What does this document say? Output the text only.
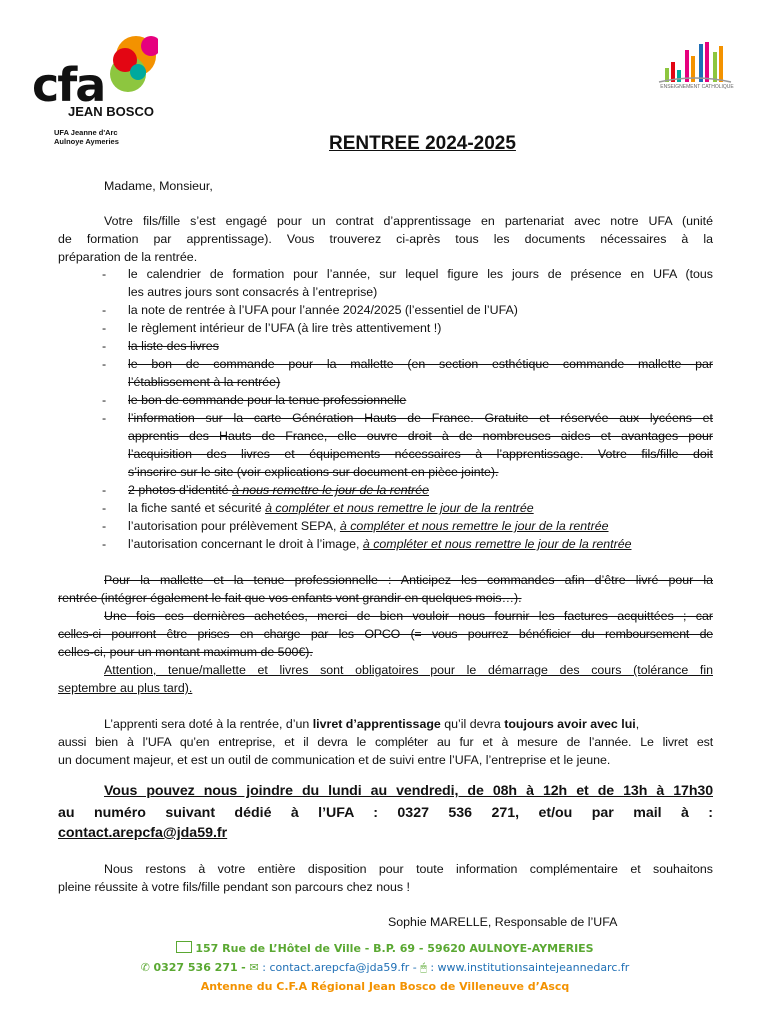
cfa
JEAN BOSCO
UFA Jeanne d'Arc
Aulnoye Aymeries
ENSEIGNEMENT CATHOLIQUE
RENTREE 2024-2025
Madame, Monsieur,
Votre fils/fille s’est engagé pour un contrat d’apprentissage en partenariat avec notre UFA (unité
de formation par apprentissage). Vous trouverez ci-après tous les documents nécessaires à la
préparation de la rentrée.
- le calendrier de formation pour l’année, sur lequel figure les jours de présence en UFA (tous
les autres jours sont consacrés à l’entreprise)
- la note de rentrée à l’UFA pour l’année 2024/2025 (l’essentiel de l’UFA)
- le règlement intérieur de l’UFA (à lire très attentivement !)
- la liste des livres
- le bon de commande pour la mallette (en section esthétique commande mallette par
l’établissement à la rentrée)
- le bon de commande pour la tenue professionnelle
- l’information sur la carte Génération Hauts de France. Gratuite et réservée aux lycéens et
apprentis des Hauts de France, elle ouvre droit à de nombreuses aides et avantages pour
l’acquisition des livres et équipements nécessaires à l’apprentissage. Votre fils/fille doit
s’inscrire sur le site (voir explications sur document en pièce jointe).
- 2 photos d’identité à nous remettre le jour de la rentrée
- la fiche santé et sécurité à compléter et nous remettre le jour de la rentrée
- l’autorisation pour prélèvement SEPA, à compléter et nous remettre le jour de la rentrée
- l’autorisation concernant le droit à l’image, à compléter et nous remettre le jour de la rentrée
Pour la mallette et la tenue professionnelle : Anticipez les commandes afin d’être livré pour la
rentrée (intégrer également le fait que vos enfants vont grandir en quelques mois…).
Une fois ces dernières achetées, merci de bien vouloir nous fournir les factures acquittées ; car
celles-ci pourront être prises en charge par les OPCO (= vous pourrez bénéficier du remboursement de
celles-ci, pour un montant maximum de 500€).
Attention, tenue/mallette et livres sont obligatoires pour le démarrage des cours (tolérance fin
septembre au plus tard).
L’apprenti sera doté à la rentrée, d’un livret d’apprentissage qu’il devra toujours avoir avec lui,
aussi bien à l’UFA qu’en entreprise, et il devra le compléter au fur et à mesure de l’année. Le livret est
un document majeur, et est un outil de communication et de suivi entre l’UFA, l’entreprise et le jeune.
Vous pouvez nous joindre du lundi au vendredi, de 08h à 12h et de 13h à 17h30
au numéro suivant dédié à l’UFA : 0327 536 271, et/ou par mail à :
contact.arepcfa@jda59.fr
Nous restons à votre entière disposition pour toute information complémentaire et souhaitons
pleine réussite à votre fils/fille pendant son parcours chez nous !
Sophie MARELLE, Responsable de l’UFA
157 Rue de L’Hôtel de Ville - B.P. 69 - 59620 AULNOYE-AYMERIES
✆ 0327 536 271 - ✉ : contact.arepcfa@jda59.fr - 🖱 : www.institutionsaintejeannedarc.fr
Antenne du C.F.A Régional Jean Bosco de Villeneuve d’Ascq
